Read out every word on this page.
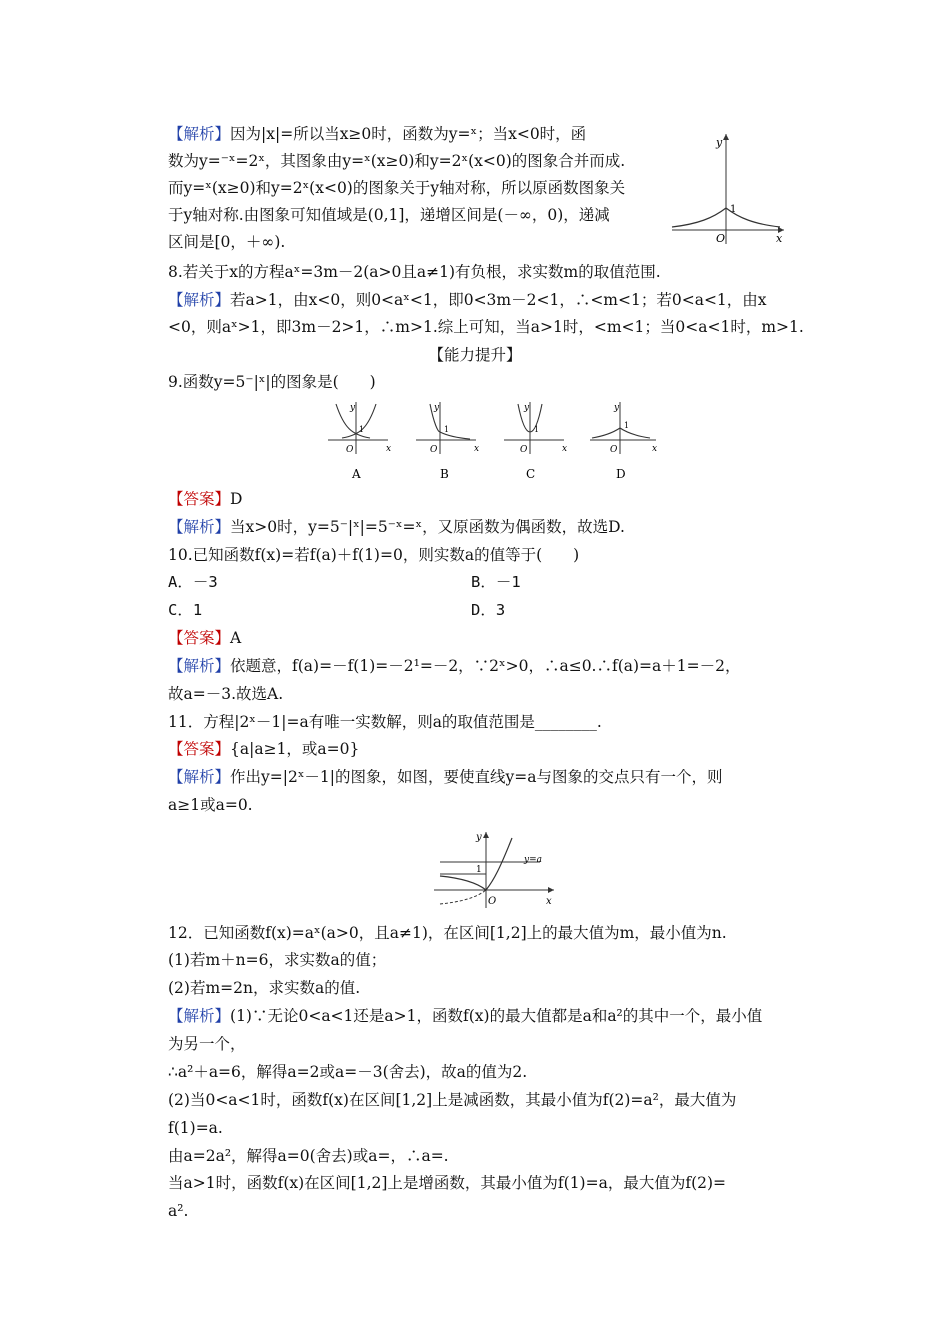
【解析】因为|x|=所以当x≥0时，函数为y=ˣ；当x<0时，函
数为y=⁻ˣ=2ˣ，其图象由y=ˣ(x≥0)和y=2ˣ(x<0)的图象合并而成.
而y=ˣ(x≥0)和y=2ˣ(x<0)的图象关于y轴对称，所以原函数图象关
于y轴对称.由图象可知值域是(0,1]，递增区间是(－∞，0)，递减
区间是[0，＋∞).
y
x
O
1
8.若关于x的方程aˣ=3m－2(a>0且a≠1)有负根，求实数m的取值范围.
【解析】若a>1，由x<0，则0<aˣ<1，即0<3m－2<1，∴<m<1；若0<a<1，由x
<0，则aˣ>1，即3m－2>1，∴m>1.综上可知，当a>1时，<m<1；当0<a<1时，m>1.
【能力提升】
9.函数y=5⁻|ˣ|的图象是(　　)
y
x
O
1
A
y
x
O
1
B
y
x
O
1
C
y
x
O
1
D
【答案】D
【解析】当x>0时，y=5⁻|ˣ|=5⁻ˣ=ˣ，又原函数为偶函数，故选D.
10.已知函数f(x)=若f(a)＋f(1)=0，则实数a的值等于(　　)
A．－3	B．－1
C．1	D．3
【答案】A
【解析】依题意，f(a)=－f(1)=－2¹=－2，∵2ˣ>0，∴a≤0.∴f(a)=a＋1=－2，
故a=－3.故选A.
11．方程|2ˣ－1|=a有唯一实数解，则a的取值范围是________.
【答案】{a|a≥1，或a=0}
【解析】作出y=|2ˣ－1|的图象，如图，要使直线y=a与图象的交点只有一个，则
a≥1或a=0.
y
x
O
1
y=a
12．已知函数f(x)=aˣ(a>0，且a≠1)，在区间[1,2]上的最大值为m，最小值为n.
(1)若m＋n=6，求实数a的值；
(2)若m=2n，求实数a的值.
【解析】(1)∵无论0<a<1还是a>1，函数f(x)的最大值都是a和a²的其中一个，最小值
为另一个，
∴a²＋a=6，解得a=2或a=－3(舍去)，故a的值为2.
(2)当0<a<1时，函数f(x)在区间[1,2]上是减函数，其最小值为f(2)=a²，最大值为
f(1)=a.
由a=2a²，解得a=0(舍去)或a=，∴a=.
当a>1时，函数f(x)在区间[1,2]上是增函数，其最小值为f(1)=a，最大值为f(2)=
a².
